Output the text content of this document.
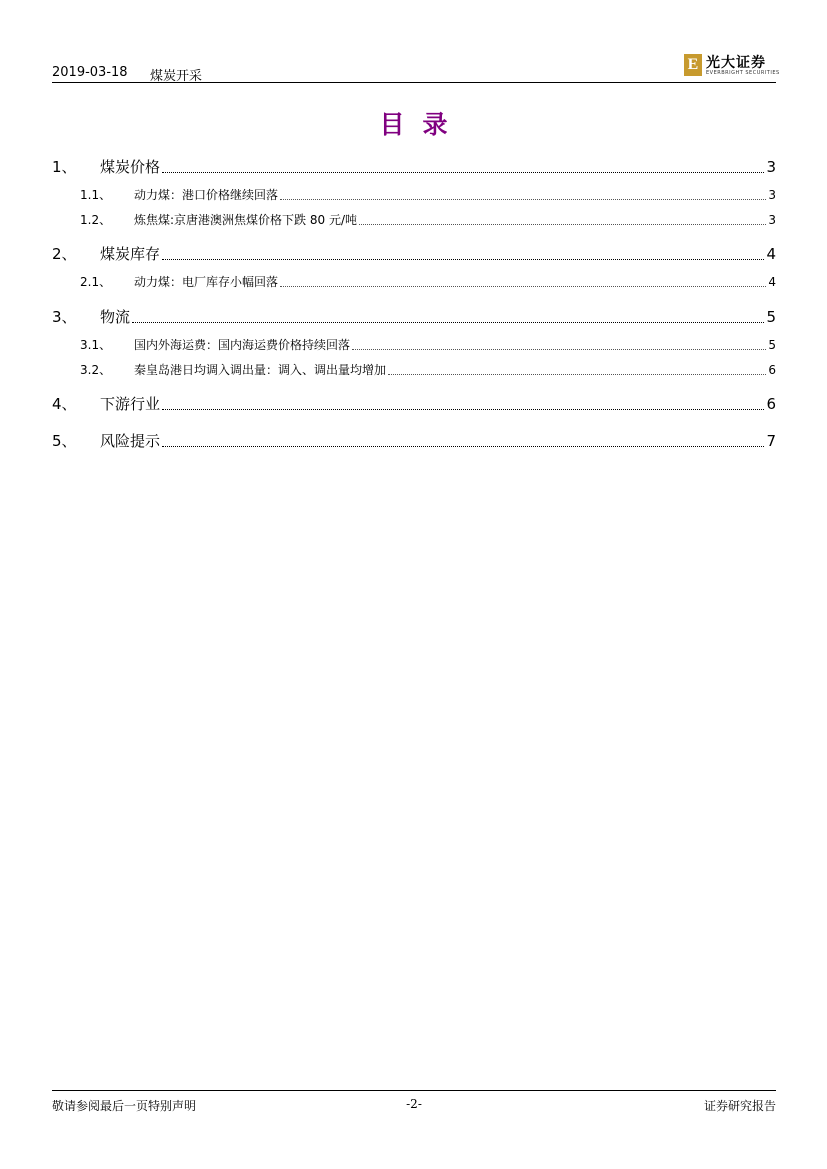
2019-03-18 煤炭开采
E 光大证券
EVERBRIGHT SECURITIES
目录
1、	煤炭价格	3
1.1、	动力煤：港口价格继续回落	3
1.2、	炼焦煤:京唐港澳洲焦煤价格下跌 80 元/吨	3
2、	煤炭库存	4
2.1、	动力煤：电厂库存小幅回落	4
3、	物流	5
3.1、	国内外海运费：国内海运费价格持续回落	5
3.2、	秦皇岛港日均调入调出量：调入、调出量均增加	6
4、	下游行业	6
5、	风险提示	7
敬请参阅最后一页特别声明	-2-	证券研究报告
